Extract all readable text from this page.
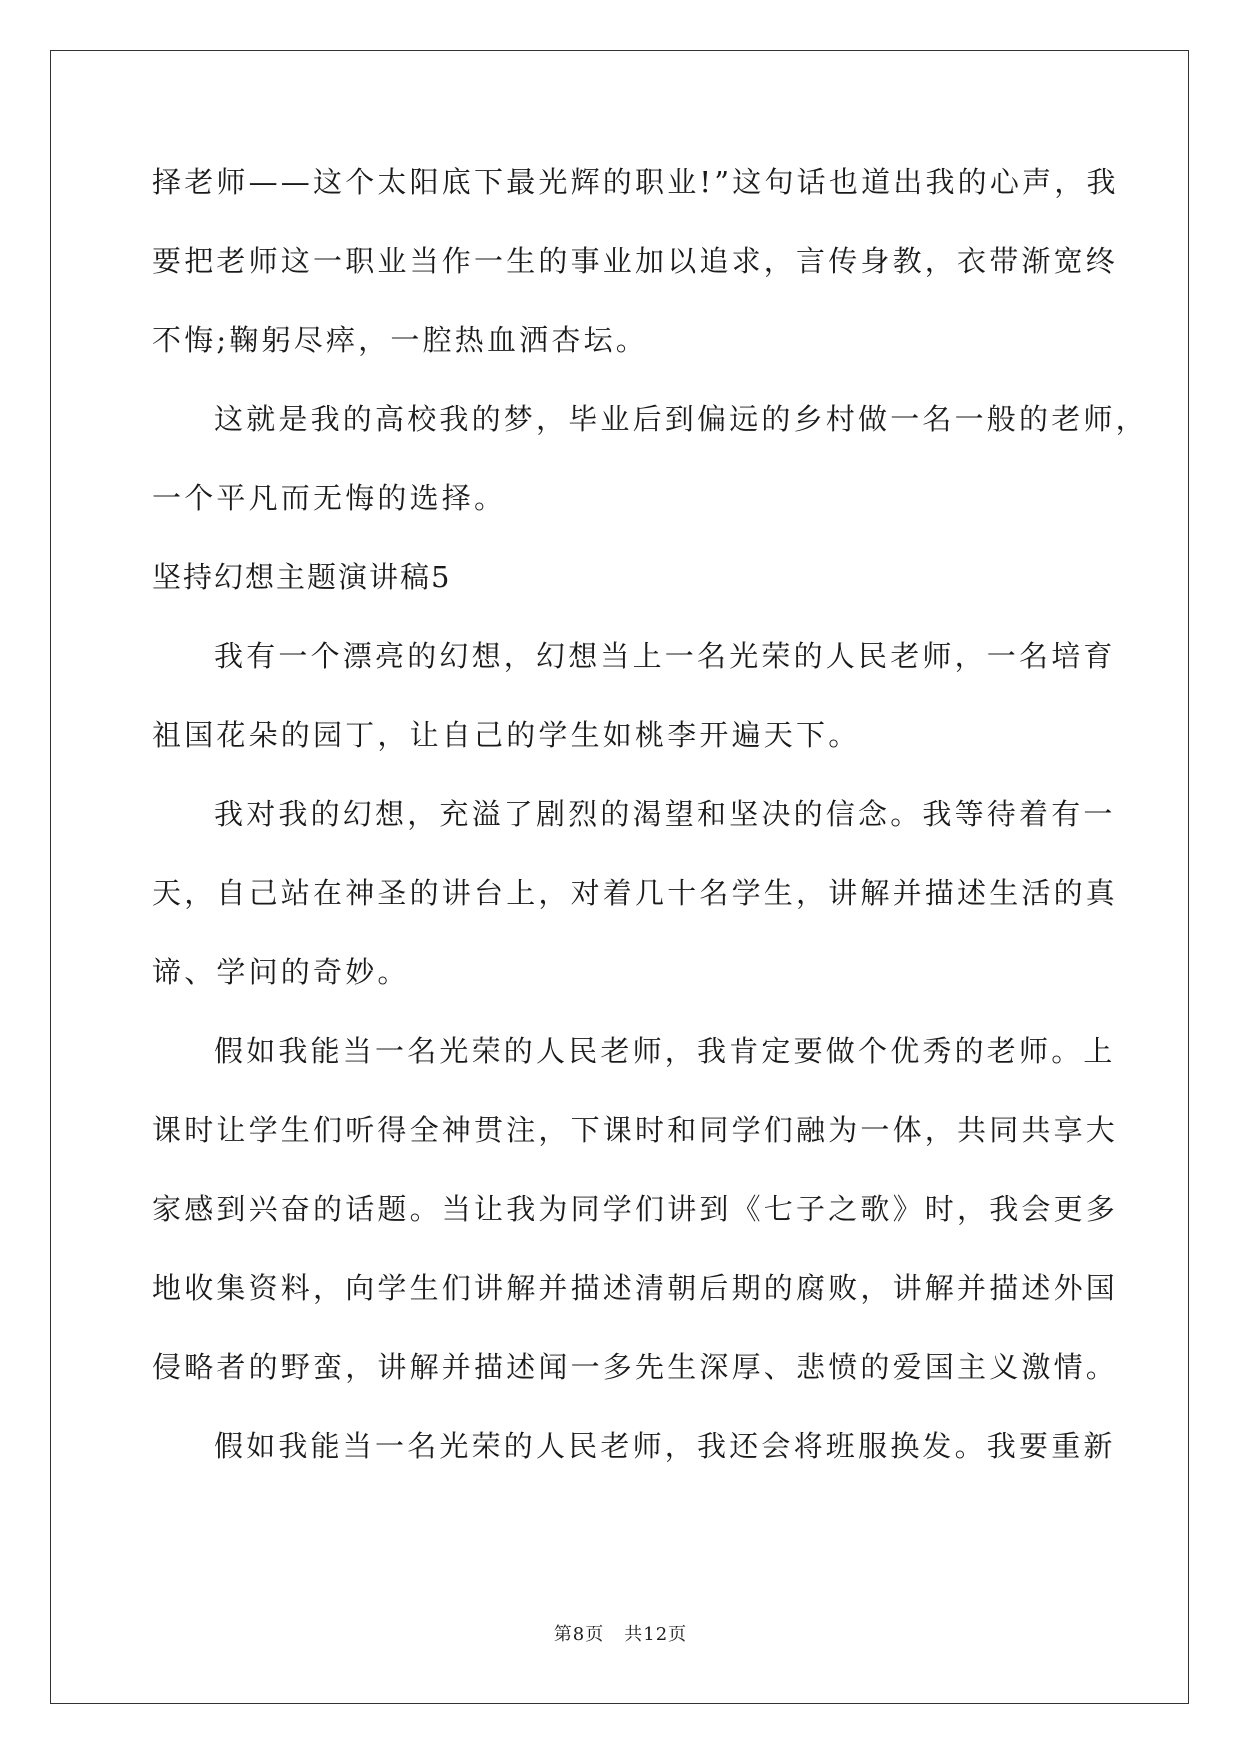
择老师——这个太阳底下最光辉的职业!”这句话也道出我的心声，我
要把老师这一职业当作一生的事业加以追求，言传身教，衣带渐宽终
不悔;鞠躬尽瘁，一腔热血洒杏坛。
这就是我的高校我的梦，毕业后到偏远的乡村做一名一般的老师，
一个平凡而无悔的选择。
坚持幻想主题演讲稿5
我有一个漂亮的幻想，幻想当上一名光荣的人民老师，一名培育
祖国花朵的园丁，让自己的学生如桃李开遍天下。
我对我的幻想，充溢了剧烈的渴望和坚决的信念。我等待着有一
天，自己站在神圣的讲台上，对着几十名学生，讲解并描述生活的真
谛、学问的奇妙。
假如我能当一名光荣的人民老师，我肯定要做个优秀的老师。上
课时让学生们听得全神贯注，下课时和同学们融为一体，共同共享大
家感到兴奋的话题。当让我为同学们讲到《七子之歌》时，我会更多
地收集资料，向学生们讲解并描述清朝后期的腐败，讲解并描述外国
侵略者的野蛮，讲解并描述闻一多先生深厚、悲愤的爱国主义激情。
假如我能当一名光荣的人民老师，我还会将班服换发。我要重新
第8页 共12页
